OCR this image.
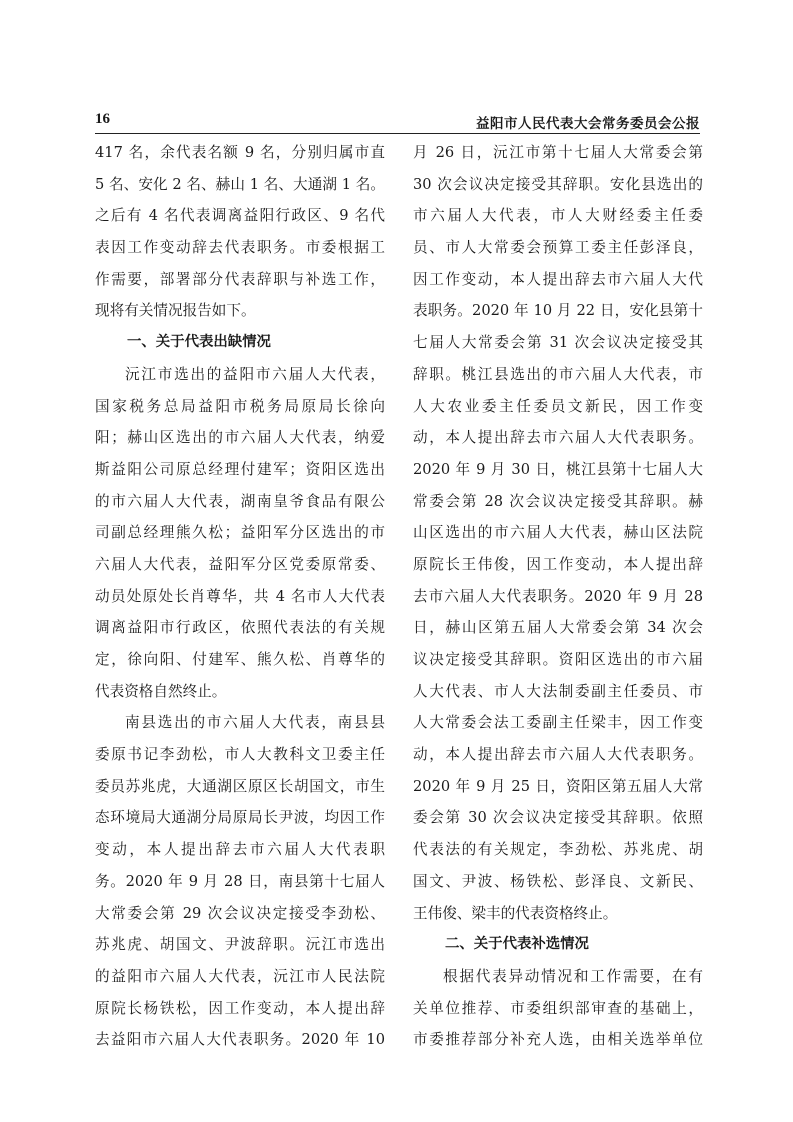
16	益阳市人民代表大会常务委员会公报
417 名，余代表名额 9 名，分别归属市直
5 名、安化 2 名、赫山 1 名、大通湖 1 名。
之后有 4 名代表调离益阳行政区、9 名代
表因工作变动辞去代表职务。市委根据工
作需要，部署部分代表辞职与补选工作，
现将有关情况报告如下。
一、关于代表出缺情况
沅江市选出的益阳市六届人大代表，
国家税务总局益阳市税务局原局长徐向
阳；赫山区选出的市六届人大代表，纳爱
斯益阳公司原总经理付建军；资阳区选出
的市六届人大代表，湖南皇爷食品有限公
司副总经理熊久松；益阳军分区选出的市
六届人大代表，益阳军分区党委原常委、
动员处原处长肖尊华，共 4 名市人大代表
调离益阳市行政区，依照代表法的有关规
定，徐向阳、付建军、熊久松、肖尊华的
代表资格自然终止。
南县选出的市六届人大代表，南县县
委原书记李劲松，市人大教科文卫委主任
委员苏兆虎，大通湖区原区长胡国文，市生
态环境局大通湖分局原局长尹波，均因工作
变动，本人提出辞去市六届人大代表职
务。2020 年 9 月 28 日，南县第十七届人
大常委会第 29 次会议决定接受李劲松、
苏兆虎、胡国文、尹波辞职。沅江市选出
的益阳市六届人大代表，沅江市人民法院
原院长杨铁松，因工作变动，本人提出辞
去益阳市六届人大代表职务。2020 年 10
月 26 日，沅江市第十七届人大常委会第
30 次会议决定接受其辞职。安化县选出的
市六届人大代表，市人大财经委主任委
员、市人大常委会预算工委主任彭泽良，
因工作变动，本人提出辞去市六届人大代
表职务。2020 年 10 月 22 日，安化县第十
七届人大常委会第 31 次会议决定接受其
辞职。桃江县选出的市六届人大代表，市
人大农业委主任委员文新民，因工作变
动，本人提出辞去市六届人大代表职务。
2020 年 9 月 30 日，桃江县第十七届人大
常委会第 28 次会议决定接受其辞职。赫
山区选出的市六届人大代表，赫山区法院
原院长王伟俊，因工作变动，本人提出辞
去市六届人大代表职务。2020 年 9 月 28
日，赫山区第五届人大常委会第 34 次会
议决定接受其辞职。资阳区选出的市六届
人大代表、市人大法制委副主任委员、市
人大常委会法工委副主任梁丰，因工作变
动，本人提出辞去市六届人大代表职务。
2020 年 9 月 25 日，资阳区第五届人大常
委会第 30 次会议决定接受其辞职。依照
代表法的有关规定，李劲松、苏兆虎、胡
国文、尹波、杨铁松、彭泽良、文新民、
王伟俊、梁丰的代表资格终止。
二、关于代表补选情况
根据代表异动情况和工作需要，在有
关单位推荐、市委组织部审查的基础上，
市委推荐部分补充人选，由相关选举单位
